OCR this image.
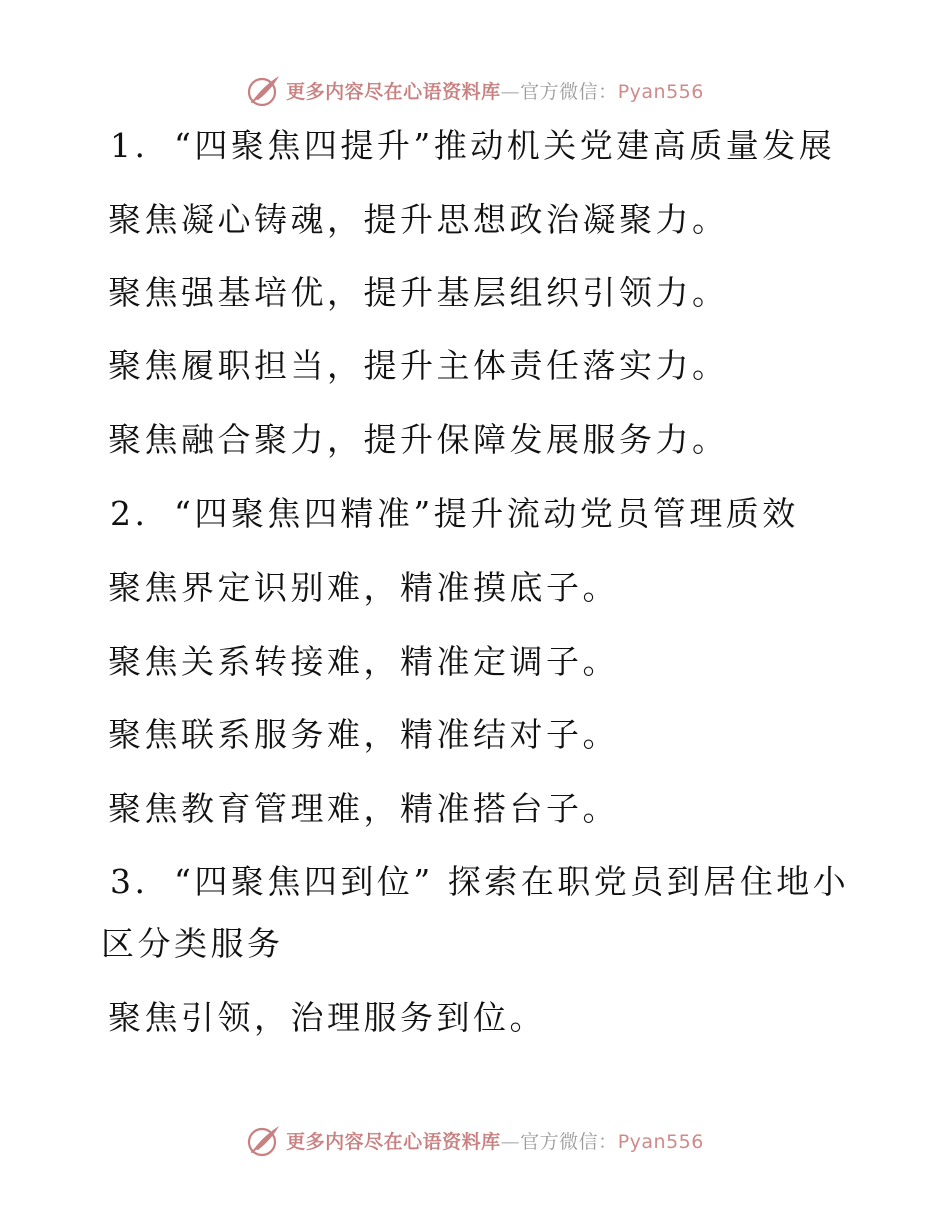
更多内容尽在心语资料库—官方微信：Pyan556
1. “四聚焦四提升”推动机关党建高质量发展
聚焦凝心铸魂，提升思想政治凝聚力。
聚焦强基培优，提升基层组织引领力。
聚焦履职担当，提升主体责任落实力。
聚焦融合聚力，提升保障发展服务力。
2. “四聚焦四精准”提升流动党员管理质效
聚焦界定识别难，精准摸底子。
聚焦关系转接难，精准定调子。
聚焦联系服务难，精准结对子。
聚焦教育管理难，精准搭台子。
3. “四聚焦四到位” 探索在职党员到居住地小
区分类服务
聚焦引领，治理服务到位。
更多内容尽在心语资料库—官方微信：Pyan556
